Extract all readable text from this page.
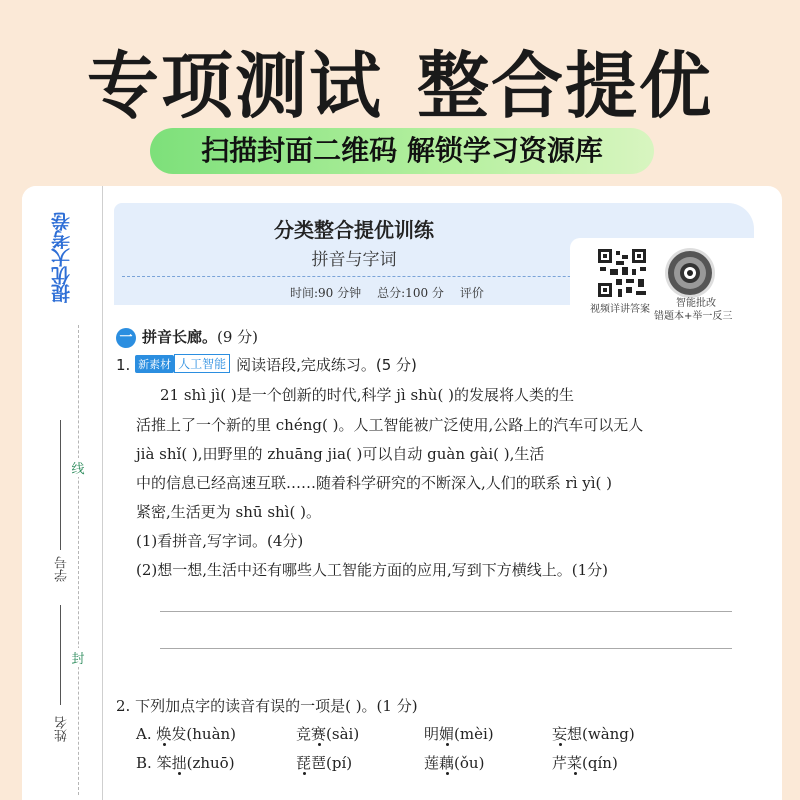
专项测试 整合提优
扫描封面二维码 解锁学习资源库
提优大考卷
线
封
学号
姓名
分类整合提优训练
拼音与字词
时间:90 分钟 总分:100 分 评价
视频详讲答案
智能批改
错题本+举一反三
一 拼音长廊。(9 分)
1. 新素材 人工智能 阅读语段,完成练习。(5 分)
21 shì jì( )是一个创新的时代,科学 jì shù( )的发展将人类的生
活推上了一个新的里 chéng( )。人工智能被广泛使用,公路上的汽车可以无人
jià shǐ( ),田野里的 zhuāng jia( )可以自动 guàn gài( ),生活
中的信息已经高速互联……随着科学研究的不断深入,人们的联系 rì yì( )
紧密,生活更为 shū shì( )。
(1)看拼音,写字词。(4分)
(2)想一想,生活中还有哪些人工智能方面的应用,写到下方横线上。(1分)
2. 下列加点字的读音有误的一项是( )。(1 分)
A. 焕发(huàn)	竞赛(sài)	明媚(mèi)	妄想(wàng)
B. 笨拙(zhuō)	琵琶(pí)	莲藕(ǒu)	芹菜(qín)
